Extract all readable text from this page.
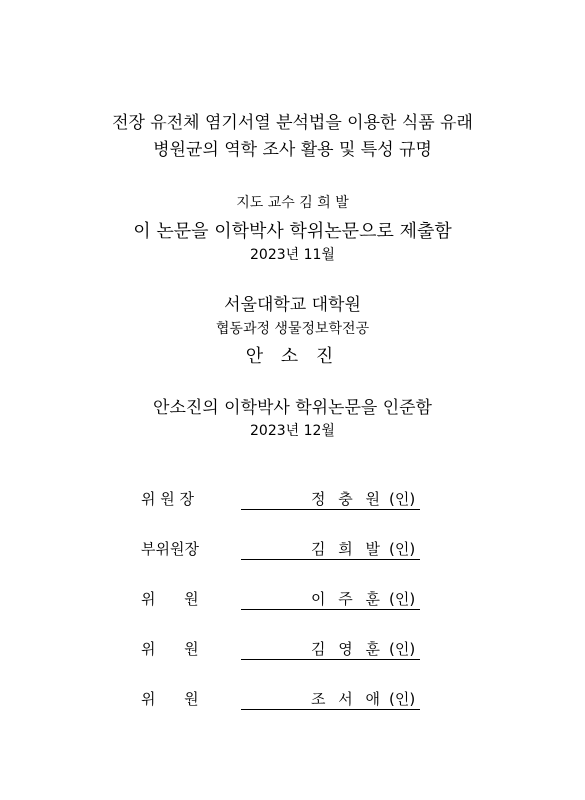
전장 유전체 염기서열 분석법을 이용한 식품 유래
병원균의 역학 조사 활용 및 특성 규명
지도 교수 김 희 발
이 논문을 이학박사 학위논문으로 제출함
2023년 11월
서울대학교 대학원
협동과정 생물정보학전공
안 소 진
안소진의 이학박사 학위논문을 인준함
2023년 12월
위 원 장	정 충 원 (인)
부위원장	김 희 발 (인)
위      원	이 주 훈 (인)
위      원	김 영 훈 (인)
위      원	조 서 애 (인)
